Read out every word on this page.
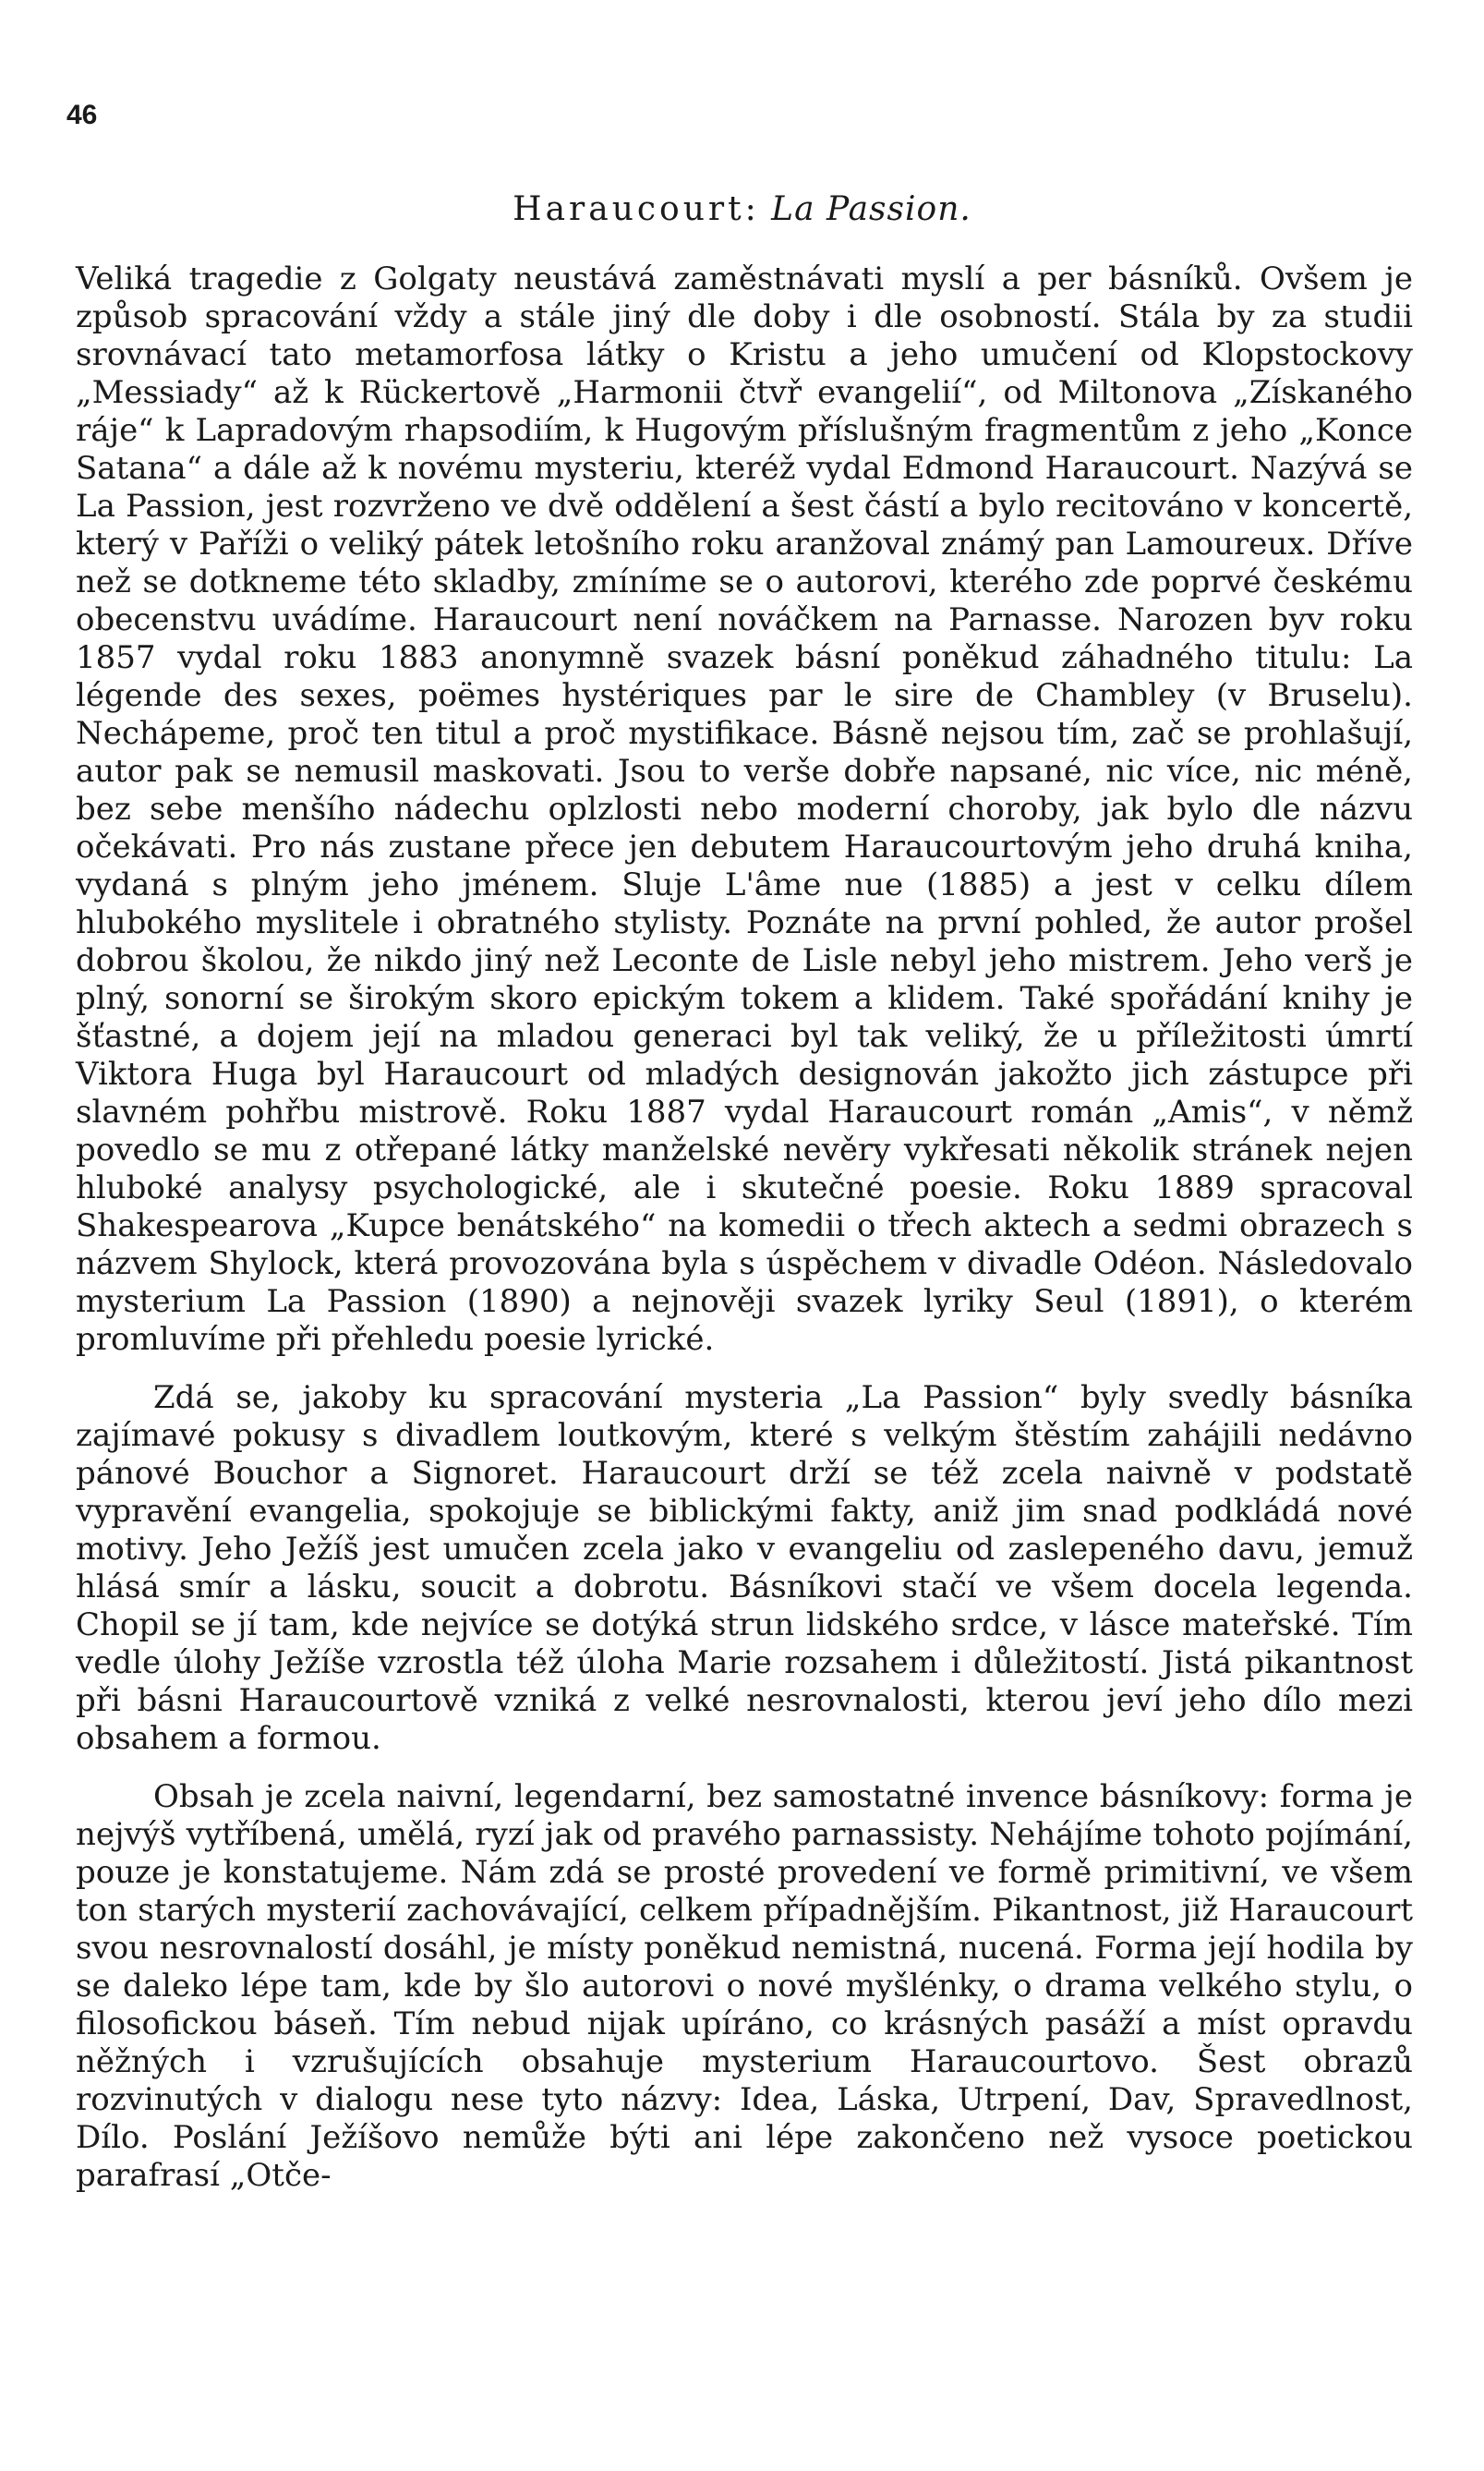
46
Haraucourt: La Passion.

Veliká tragedie z Golgaty neustává zaměstnávati myslí a per básníků. Ovšem je způsob spracování vždy a stále jiný dle doby i dle osobností. Stála by za studii srovnávací tato metamorfosa látky o Kristu a jeho umučení od Klopstockovy „Messiady“ až k Rückertově „Harmonii čtvř evangelií“, od Miltonova „Získaného ráje“ k Lapradovým rhapsodiím, k Hugovým příslušným fragmentům z jeho „Konce Satana“ a dále až k novému mysteriu, kteréž vydal Edmond Haraucourt. Nazývá se La Passion, jest rozvrženo ve dvě oddělení a šest částí a bylo recitováno v koncertě, který v Paříži o veliký pátek letošního roku aranžoval známý pan Lamoureux. Dříve než se dotkneme této skladby, zmíníme se o autorovi, kterého zde poprvé českému obecenstvu uvádíme. Haraucourt není nováčkem na Parnasse. Narozen byv roku 1857 vydal roku 1883 anonymně svazek básní poněkud záhadného titulu: La légende des sexes, poëmes hystériques par le sire de Chambley (v Bruselu). Nechápeme, proč ten titul a proč mystifikace. Básně nejsou tím, zač se prohlašují, autor pak se nemusil maskovati. Jsou to verše dobře napsané, nic více, nic méně, bez sebe menšího nádechu oplzlosti nebo moderní choroby, jak bylo dle názvu očekávati. Pro nás zustane přece jen debutem Haraucourtovým jeho druhá kniha, vydaná s plným jeho jménem. Sluje L'âme nue (1885) a jest v celku dílem hlubokého myslitele i obratného stylisty. Poznáte na první pohled, že autor prošel dobrou školou, že nikdo jiný než Leconte de Lisle nebyl jeho mistrem. Jeho verš je plný, sonorní se širokým skoro epickým tokem a klidem. Také spořádání knihy je šťastné, a dojem její na mladou generaci byl tak veliký, že u příležitosti úmrtí Viktora Huga byl Haraucourt od mladých designován jakožto jich zástupce při slavném pohřbu mistrově. Roku 1887 vydal Haraucourt román „Amis“, v němž povedlo se mu z otřepané látky manželské nevěry vykřesati několik stránek nejen hluboké analysy psychologické, ale i skutečné poesie. Roku 1889 spracoval Shakespearova „Kupce benátského“ na komedii o třech aktech a sedmi obrazech s názvem Shylock, která provozována byla s úspěchem v divadle Odéon. Následovalo mysterium La Passion (1890) a nejnověji svazek lyriky Seul (1891), o kterém promluvíme při přehledu poesie lyrické.

Zdá se, jakoby ku spracování mysteria „La Passion“ byly svedly básníka zajímavé pokusy s divadlem loutkovým, které s velkým štěstím zahájili nedávno pánové Bouchor a Signoret. Haraucourt drží se též zcela naivně v podstatě vypravění evangelia, spokojuje se biblickými fakty, aniž jim snad podkládá nové motivy. Jeho Ježíš jest umučen zcela jako v evangeliu od zaslepeného davu, jemuž hlásá smír a lásku, soucit a dobrotu. Básníkovi stačí ve všem docela legenda. Chopil se jí tam, kde nejvíce se dotýká strun lidského srdce, v lásce mateřské. Tím vedle úlohy Ježíše vzrostla též úloha Marie rozsahem i důležitostí. Jistá pikantnost při básni Haraucourtově vzniká z velké nesrovnalosti, kterou jeví jeho dílo mezi obsahem a formou.

Obsah je zcela naivní, legendarní, bez samostatné invence básníkovy: forma je nejvýš vytříbená, umělá, ryzí jak od pravého parnassisty. Nehájíme tohoto pojímání, pouze je konstatujeme. Nám zdá se prosté provedení ve formě primitivní, ve všem ton starých mysterií zachovávající, celkem případnějším. Pikantnost, již Haraucourt svou nesrovnalostí dosáhl, je místy poněkud nemistná, nucená. Forma její hodila by se daleko lépe tam, kde by šlo autorovi o nové myšlénky, o drama velkého stylu, o filosofickou báseň. Tím nebud nijak upíráno, co krásných pasáží a míst opravdu něžných i vzrušujících obsahuje mysterium Haraucourtovo. Šest obrazů rozvinutých v dialogu nese tyto názvy: Idea, Láska, Utrpení, Dav, Spravedlnost, Dílo. Poslání Ježíšovo nemůže býti ani lépe zakončeno než vysoce poetickou parafrasí „Otče-
